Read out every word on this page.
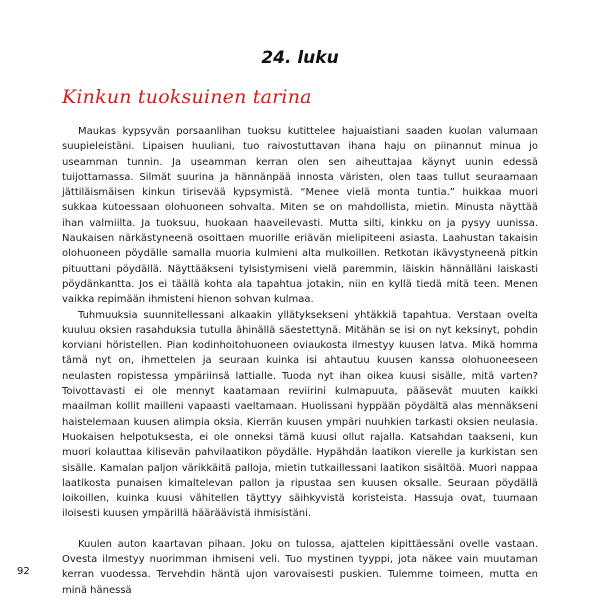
24. luku
Kinkun tuoksuinen tarina

Maukas kypsyvän porsaanlihan tuoksu kutittelee hajuaistiani saaden kuolan valumaan suupieleistäni. Lipaisen huuliani, tuo raivostuttavan ihana haju on piinannut minua jo useamman tunnin. Ja useamman kerran olen sen aiheuttajaa käynyt uunin edessä tuijottamassa. Silmät suurina ja hännänpää innosta väristen, olen taas tullut seuraamaan jättiläismäisen kinkun tirisevää kypsymistä. “Menee vielä monta tuntia.” huikkaa muori sukkaa kutoessaan olohuoneen sohvalta. Miten se on mahdollista, mietin. Minusta näyttää ihan valmiilta. Ja tuoksuu, huokaan haaveilevasti. Mutta silti, kinkku on ja pysyy uunissa. Naukaisen närkästyneenä osoittaen muorille eriävän mielipiteeni asiasta. Laahustan takaisin olohuoneen pöydälle samalla muoria kulmieni alta mulkoillen. Retkotan ikävystyneenä pitkin pituuttani pöydällä. Näyttääkseni tylsistymiseni vielä paremmin, läiskin hännälläni laiskasti pöydänkanttа. Jos ei täällä kohta ala tapahtua jotakin, niin en kyllä tiedä mitä teen. Menen vaikka repimään ihmisteni hienon sohvan kulmaa.

Tuhmuuksia suunnitellessani alkaakin yllätykseksenі yhtäkkiä tapahtua. Verstaan ovelta kuuluu oksien rasahduksia tutulla ähinällä säestettynä. Mitähän se isi on nyt keksinyt, pohdin korviani höristellen. Pian kodinhoitohuoneen oviaukosta ilmestyy kuusen latva. Mikä homma tämä nyt on, ihmettelen ja seuraan kuinka isi ahtautuu kuusen kanssa olohuoneeseen neulasten ropistessa ympäriinsä lattialle. Tuoda nyt ihan oikea kuusi sisälle, mitä varten? Toivottavasti ei ole mennyt kaatamaan reviirini kulmapuuta, pääsevät muuten kaikki maailman kollit mailleni vapaasti vaeltamaan. Huolissani hyppään pöydältä alas mennäkseni haistelemaan kuusen alimpia oksia. Kierrän kuusen ympäri nuuhkien tarkasti oksien neulasia. Huokaisen helpotuksesta, ei ole onneksi tämä kuusi ollut rajalla. Katsahdan taakseni, kun muori kolauttaa kilisevän pahvilaatikon pöydälle. Hypähdän laatikon vierelle ja kurkistan sen sisälle. Kamalan paljon värikkäitä palloja, mietin tutkaillessani laatikon sisältöä. Muori nappaa laatikosta punaisen kimaltelevan pallon ja ripustaa sen kuusen oksalle. Seuraan pöydällä loikoillen, kuinka kuusi vähitellen täyttyy säihkyvistä koristeista. Hassuja ovat, tuumaan iloisesti kuusen ympärillä hääräävistä ihmisistäni.

Kuulen auton kaartavan pihaan. Joku on tulossa, ajattelen kipittäessäni ovelle vastaan. Ovesta ilmestyy nuorimman ihmiseni veli. Tuo mystinen tyyppi, jota näkee vain muutaman kerran vuodessa. Tervehdin häntä ujon varovaisesti puskien. Tulemme toimeen, mutta en minä hänessä

92
